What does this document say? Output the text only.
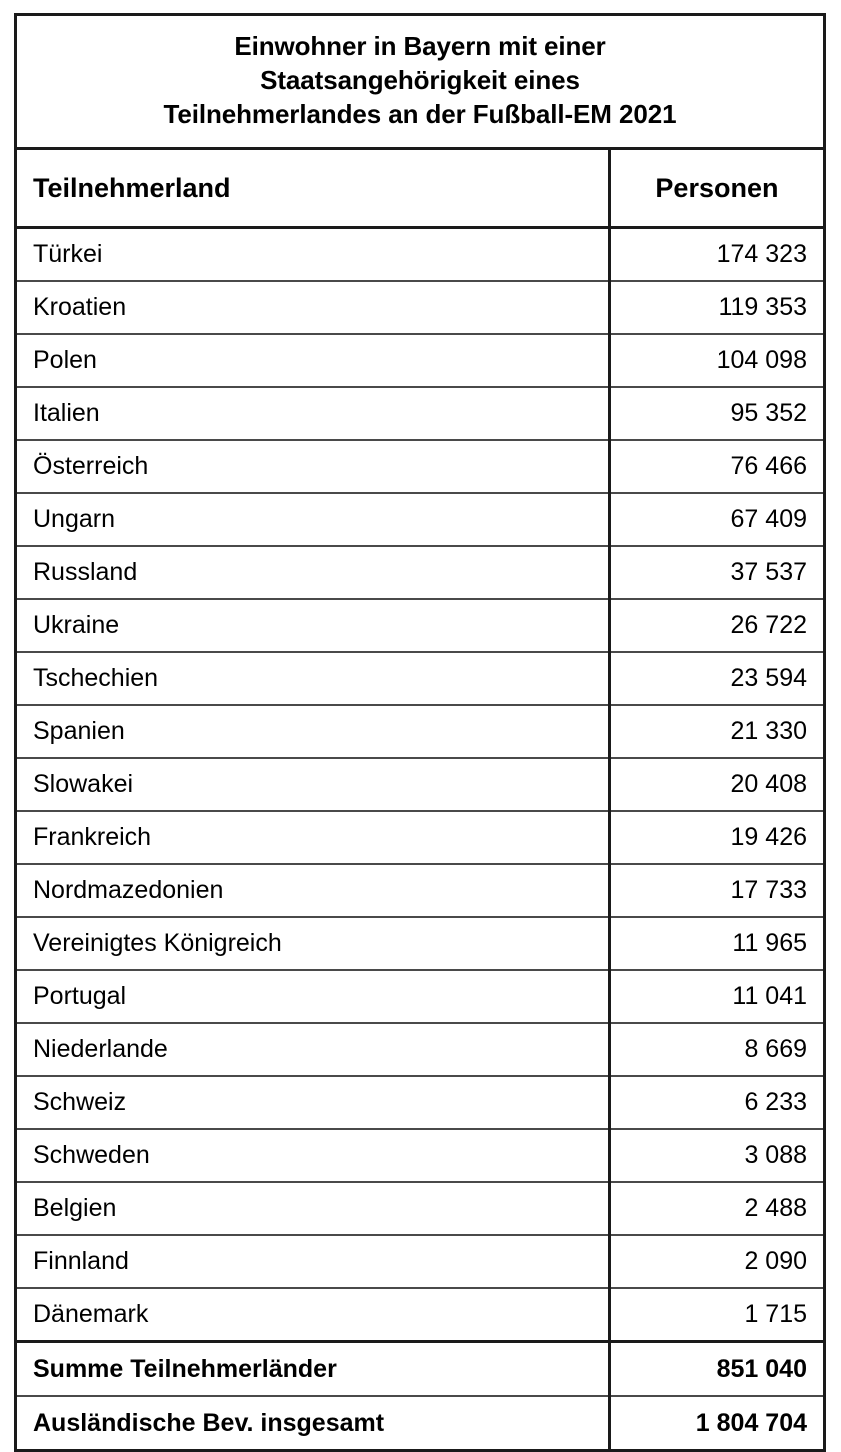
Einwohner in Bayern mit einer
Staatsangehörigkeit eines
Teilnehmerlandes an der Fußball-EM 2021
Teilnehmerland	Personen
Türkei	174 323
Kroatien	119 353
Polen	104 098
Italien	95 352
Österreich	76 466
Ungarn	67 409
Russland	37 537
Ukraine	26 722
Tschechien	23 594
Spanien	21 330
Slowakei	20 408
Frankreich	19 426
Nordmazedonien	17 733
Vereinigtes Königreich	11 965
Portugal	11 041
Niederlande	8 669
Schweiz	6 233
Schweden	3 088
Belgien	2 488
Finnland	2 090
Dänemark	1 715
Summe Teilnehmerländer	851 040
Ausländische Bev. insgesamt	1 804 704
